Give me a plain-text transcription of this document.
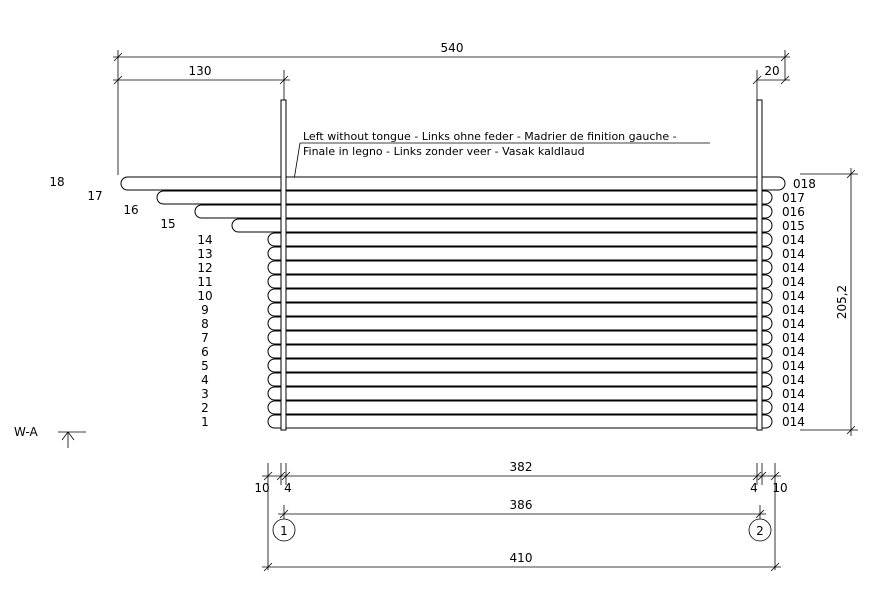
540
130	20
Left without tongue - Links ohne feder - Madrier de finition gauche -
Finale in legno - Links zonder veer - Vasak kaldlaud
18	018
17	017
16	016
15	015
14	014
13	014
12	014
11	014
10	014
9	014
8	014
7	014
6	014
5	014
4	014
3	014
2	014
1	014
205,2
W-A
382
10 4	4 10
386
1	2
410
